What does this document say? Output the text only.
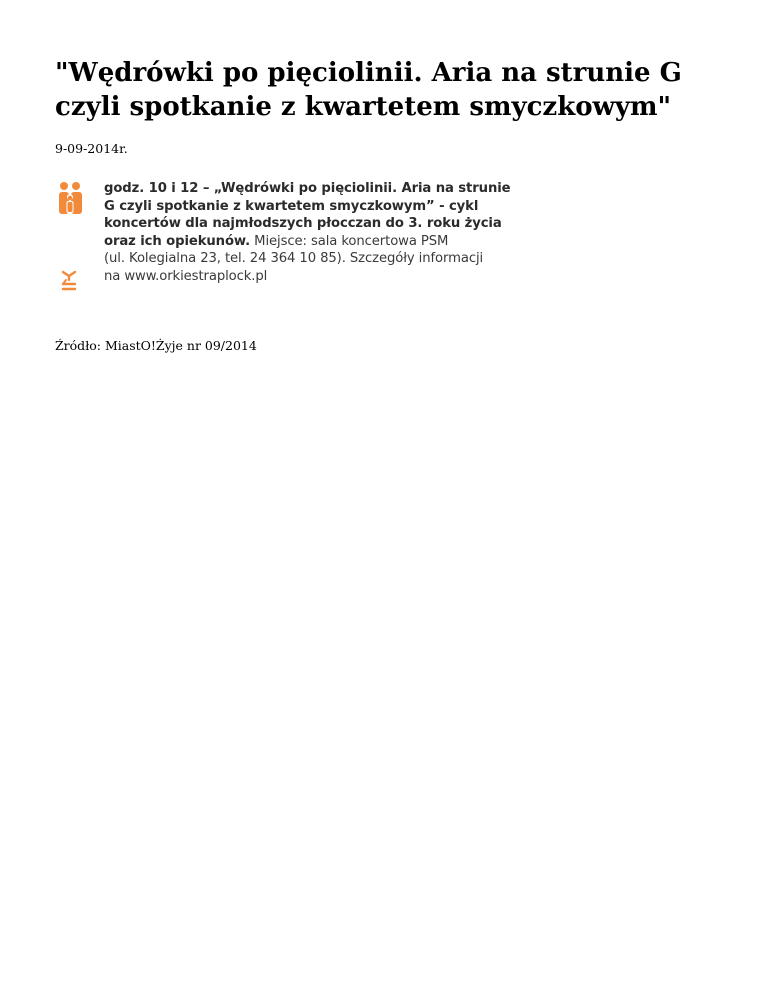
"Wędrówki po pięciolinii. Aria na strunie G czyli spotkanie z kwartetem smyczkowym"
9-09-2014r.
godz. 10 i 12 – „Wędrówki po pięciolinii. Aria na strunie
G czyli spotkanie z kwartetem smyczkowym” - cykl
koncertów dla najmłodszych płocczan do 3. roku życia
oraz ich opiekunów. Miejsce: sala koncertowa PSM
(ul. Kolegialna 23, tel. 24 364 10 85). Szczegóły informacji
na www.orkiestraplock.pl
Źródło: MiastO!Żyje nr 09/2014
